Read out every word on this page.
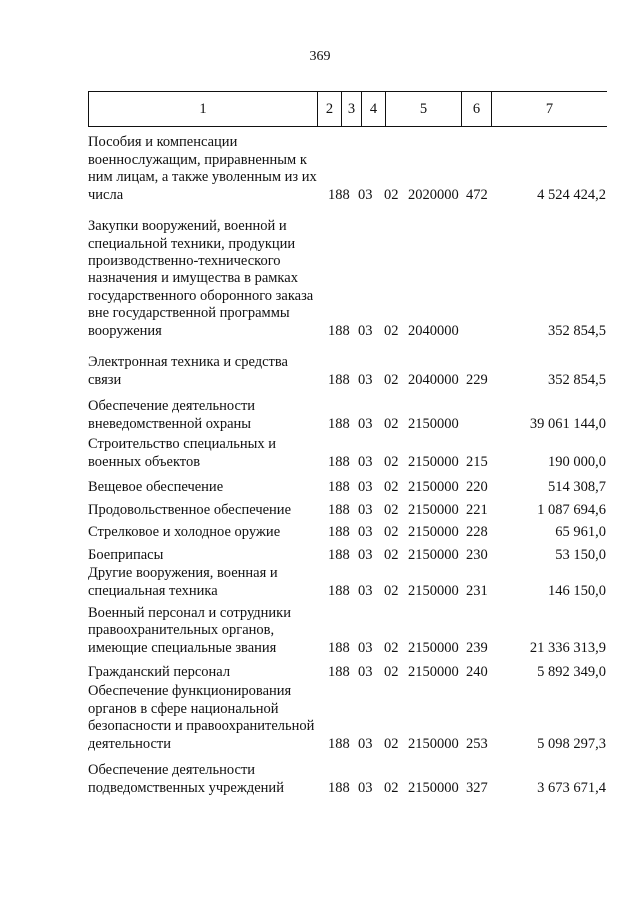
369
1	2	3	4	5	6	7
Пособия и компенсации военнослужащим, приравненным к ним лицам, а также уволенным из их числа	188 03 02 2020000 472	4 524 424,2
Закупки вооружений, военной и специальной техники, продукции производственно-технического назначения и имущества в рамках государственного оборонного заказа вне государственной программы вооружения	188 03 02 2040000	352 854,5
Электронная техника и средства связи	188 03 02 2040000 229	352 854,5
Обеспечение деятельности вневедомственной охраны	188 03 02 2150000	39 061 144,0
Строительство специальных и военных объектов	188 03 02 2150000 215	190 000,0
Вещевое обеспечение	188 03 02 2150000 220	514 308,7
Продовольственное обеспечение	188 03 02 2150000 221	1 087 694,6
Стрелковое и холодное оружие	188 03 02 2150000 228	65 961,0
Боеприпасы	188 03 02 2150000 230	53 150,0
Другие вооружения, военная и специальная техника	188 03 02 2150000 231	146 150,0
Военный персонал и сотрудники правоохранительных органов, имеющие специальные звания	188 03 02 2150000 239	21 336 313,9
Гражданский персонал	188 03 02 2150000 240	5 892 349,0
Обеспечение функционирования органов в сфере национальной безопасности и правоохранительной деятельности	188 03 02 2150000 253	5 098 297,3
Обеспечение деятельности подведомственных учреждений	188 03 02 2150000 327	3 673 671,4
